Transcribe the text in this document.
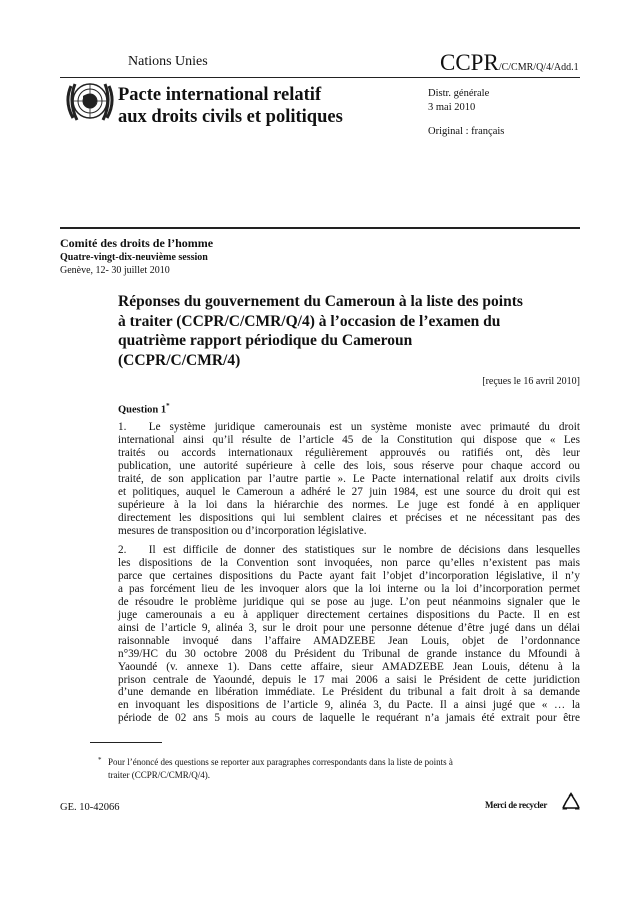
Nations Unies	CCPR/C/CMR/Q/4/Add.1
Pacte international relatif
aux droits civils et politiques
Distr. générale
3 mai 2010
Original : français
Comité des droits de l’homme
Quatre-vingt-dix-neuvième session
Genève, 12- 30 juillet 2010
Réponses du gouvernement du Cameroun à la liste des points
à traiter (CCPR/C/CMR/Q/4) à l’occasion de l’examen du
quatrième rapport périodique du Cameroun
(CCPR/C/CMR/4)
[reçues le 16 avril 2010]
Question 1*
1.  Le système juridique camerounais est un système moniste avec primauté du droit
international ainsi qu’il résulte de l’article 45 de la Constitution qui dispose que « Les
traités ou accords internationaux régulièrement approuvés ou ratifiés ont, dès leur
publication, une autorité supérieure à celle des lois, sous réserve pour chaque accord ou
traité, de son application par l’autre partie ». Le Pacte international relatif aux droits civils
et politiques, auquel le Cameroun a adhéré le 27 juin 1984, est une source du droit qui est
supérieure à la loi dans la hiérarchie des normes. Le juge est fondé à en appliquer
directement les dispositions qui lui semblent claires et précises et ne nécessitant pas des
mesures de transposition ou d’incorporation législative.
2.  Il est difficile de donner des statistiques sur le nombre de décisions dans lesquelles
les dispositions de la Convention sont invoquées, non parce qu’elles n’existent pas mais
parce que certaines dispositions du Pacte ayant fait l’objet d’incorporation législative, il n’y
a pas forcément lieu de les invoquer alors que la loi interne ou la loi d’incorporation permet
de résoudre le problème juridique qui se pose au juge. L’on peut néanmoins signaler que le
juge camerounais a eu à appliquer directement certaines dispositions du Pacte. Il en est
ainsi de l’article 9, alinéa 3, sur le droit pour une personne détenue d’être jugé dans un délai
raisonnable invoqué dans l’affaire AMADZEBE Jean Louis, objet de l’ordonnance
n°39/HC du 30 octobre 2008 du Président du Tribunal de grande instance du Mfoundi à
Yaoundé (v. annexe 1). Dans cette affaire, sieur AMADZEBE Jean Louis, détenu à la
prison centrale de Yaoundé, depuis le 17 mai 2006 a saisi le Président de cette juridiction
d’une demande en libération immédiate. Le Président du tribunal a fait droit à sa demande
en invoquant les dispositions de l’article 9, alinéa 3, du Pacte. Il a ainsi jugé que « … la
période de 02 ans 5 mois au cours de laquelle le requérant n’a jamais été extrait pour être
* Pour l’énoncé des questions se reporter aux paragraphes correspondants dans la liste de points à
traiter (CCPR/C/CMR/Q/4).
GE. 10-42066	Merci de recycler
